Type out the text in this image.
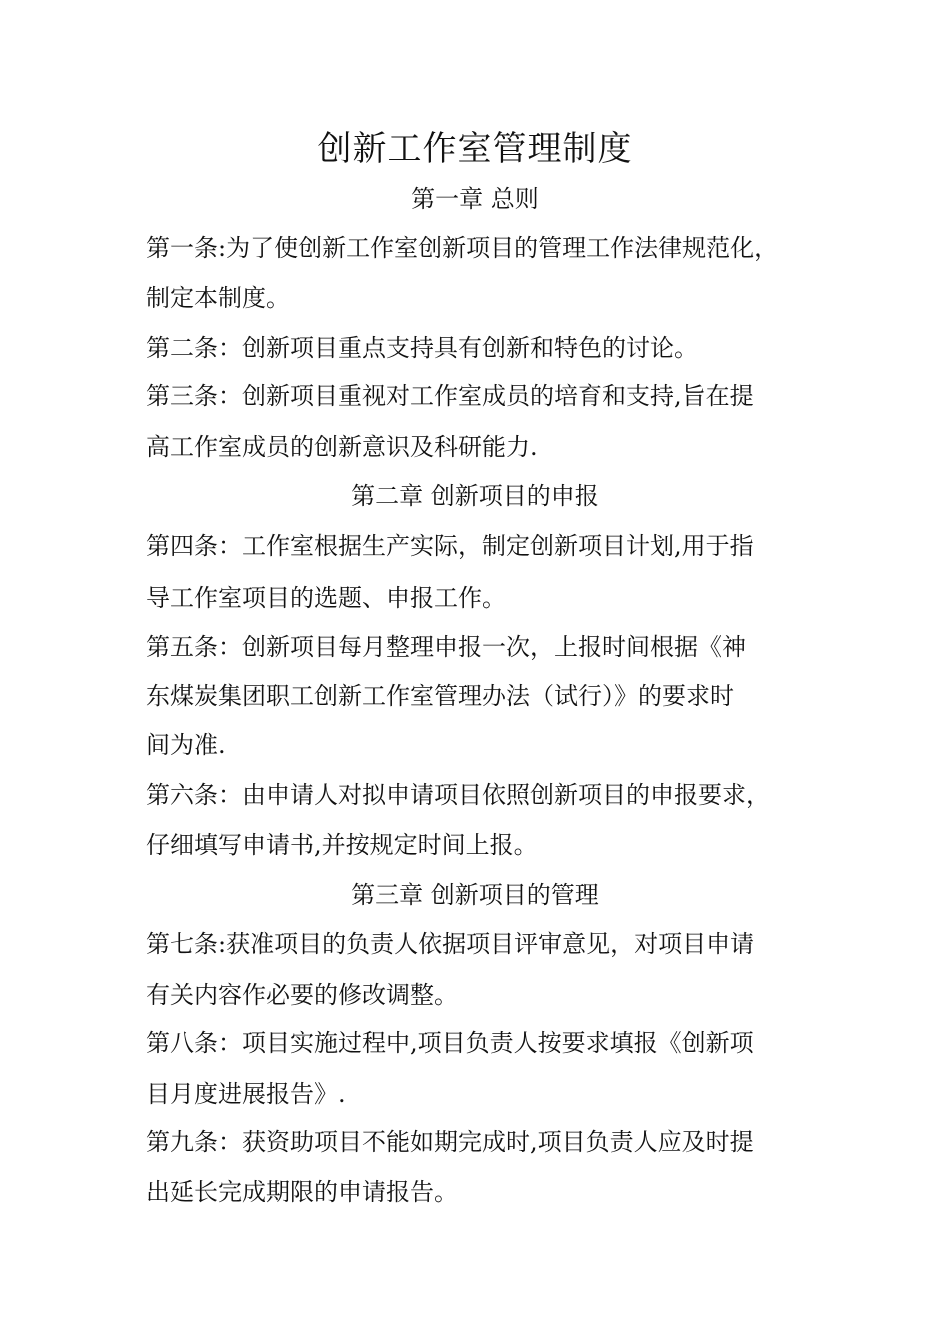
创新工作室管理制度
第一章 总则
第一条:为了使创新工作室创新项目的管理工作法律规范化，
制定本制度。
第二条：创新项目重点支持具有创新和特色的讨论。
第三条：创新项目重视对工作室成员的培育和支持,旨在提
高工作室成员的创新意识及科研能力.
第二章 创新项目的申报
第四条：工作室根据生产实际，制定创新项目计划,用于指
导工作室项目的选题、申报工作。
第五条：创新项目每月整理申报一次，上报时间根据《神
东煤炭集团职工创新工作室管理办法（试行）》的要求时
间为准.
第六条：由申请人对拟申请项目依照创新项目的申报要求，
仔细填写申请书,并按规定时间上报。
第三章 创新项目的管理
第七条:获准项目的负责人依据项目评审意见，对项目申请
有关内容作必要的修改调整。
第八条：项目实施过程中,项目负责人按要求填报《创新项
目月度进展报告》.
第九条：获资助项目不能如期完成时,项目负责人应及时提
出延长完成期限的申请报告。
